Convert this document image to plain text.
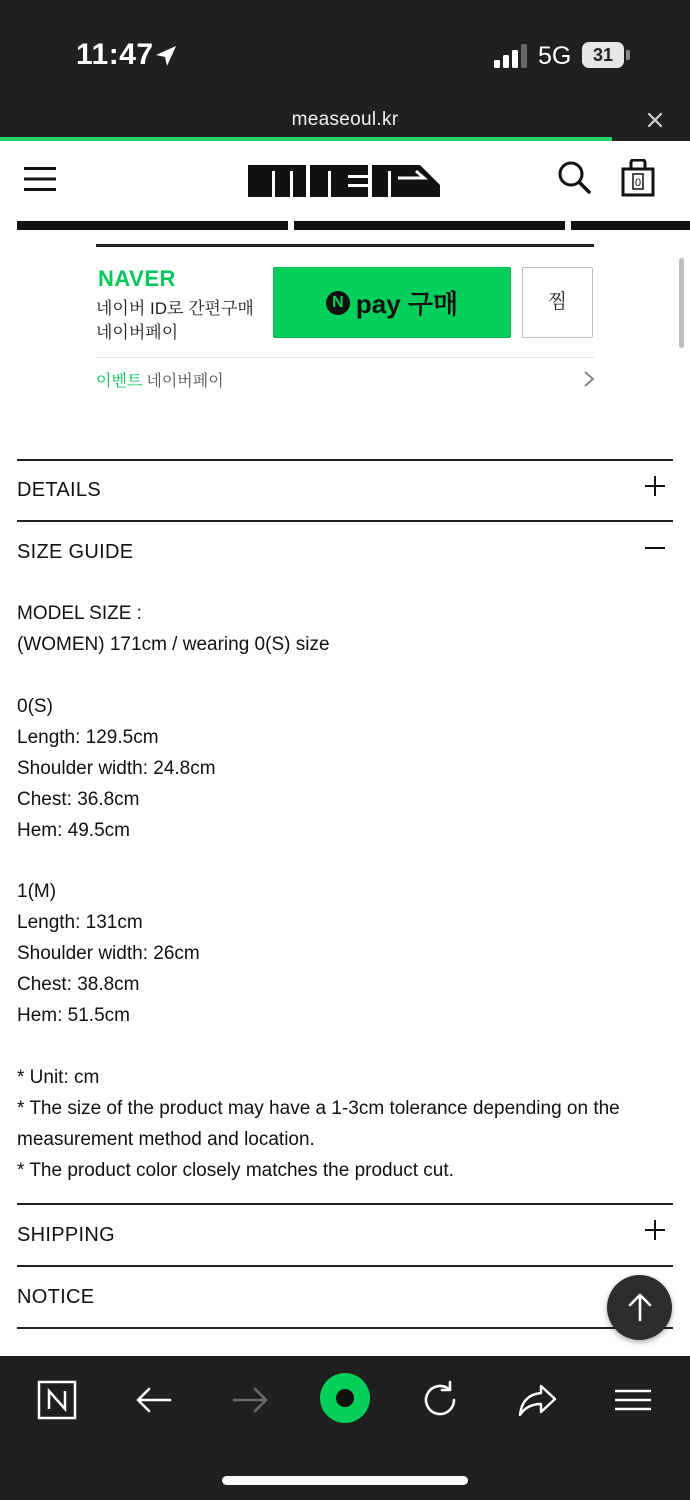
11:47	5G	31
measeoul.kr
0
NAVER
네이버 ID로 간편구매
네이버페이
N pay 구매	찜
이벤트 네이버페이
DETAILS
SIZE GUIDE
MODEL SIZE :
(WOMEN) 171cm / wearing 0(S) size
0(S)
Length: 129.5cm
Shoulder width: 24.8cm
Chest: 36.8cm
Hem: 49.5cm
1(M)
Length: 131cm
Shoulder width: 26cm
Chest: 38.8cm
Hem: 51.5cm
* Unit: cm
* The size of the product may have a 1-3cm tolerance depending on the
measurement method and location.
* The product color closely matches the product cut.
SHIPPING
NOTICE
